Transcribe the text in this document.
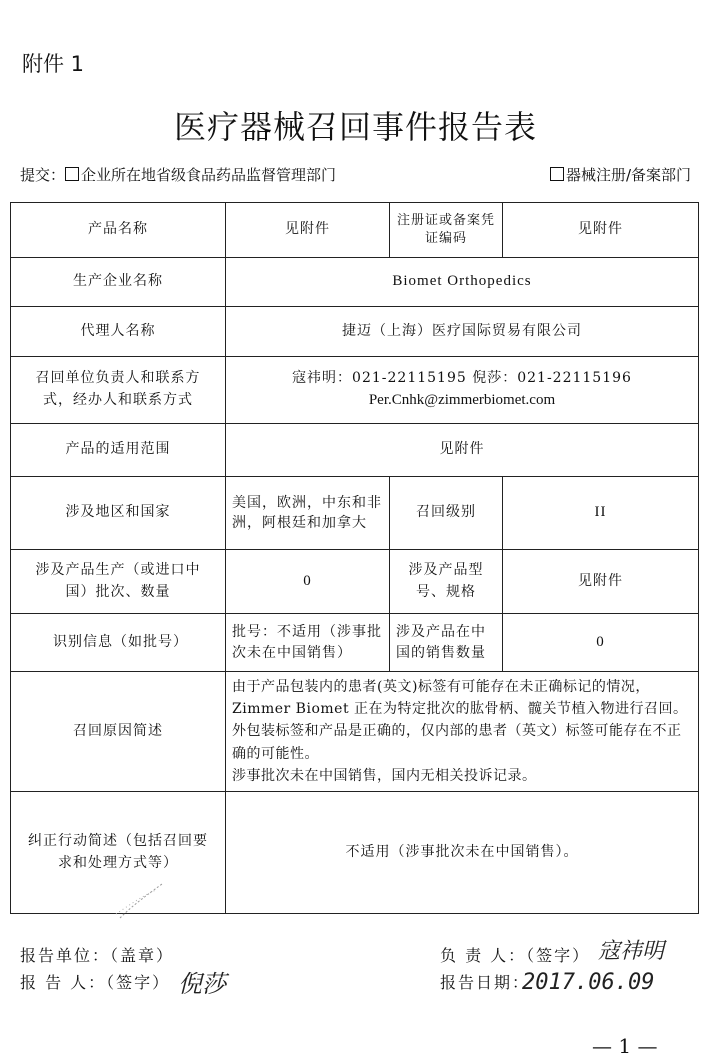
附件 1
医疗器械召回事件报告表
提交： 企业所在地省级食品药品监督管理部门	器械注册/备案部门
产品名称	见附件	注册证或备案凭证编码	见附件
生产企业名称	Biomet Orthopedics		
代理人名称	捷迈（上海）医疗国际贸易有限公司		
召回单位负责人和联系方式，经办人和联系方式	寇祎明：021-22115195 倪莎：021-22115196
Per.Cnhk@zimmerbiomet.com		

产品的适用范围	见附件		
涉及地区和国家	美国，欧洲，中东和非洲，阿根廷和加拿大	召回级别	II
涉及产品生产（或进口中国）批次、数量	0	涉及产品型号、规格	见附件
识别信息（如批号）	批号：不适用（涉事批次未在中国销售）	涉及产品在中国的销售数量	0
召回原因简述	由于产品包装内的患者(英文)标签有可能存在未正确标记的情况，Zimmer Biomet 正在为特定批次的肱骨柄、髋关节植入物进行召回。外包装标签和产品是正确的，仅内部的患者（英文）标签可能存在不正确的可能性。

涉事批次未在中国销售，国内无相关投诉记录。		

纠正行动简述（包括召回要求和处理方式等）	不适用（涉事批次未在中国销售）。		
报告单位：（盖章）
报 告 人：（签字） 倪莎
负 责 人：（签字） 寇祎明
报告日期：
2017.06.09
— 1 —
